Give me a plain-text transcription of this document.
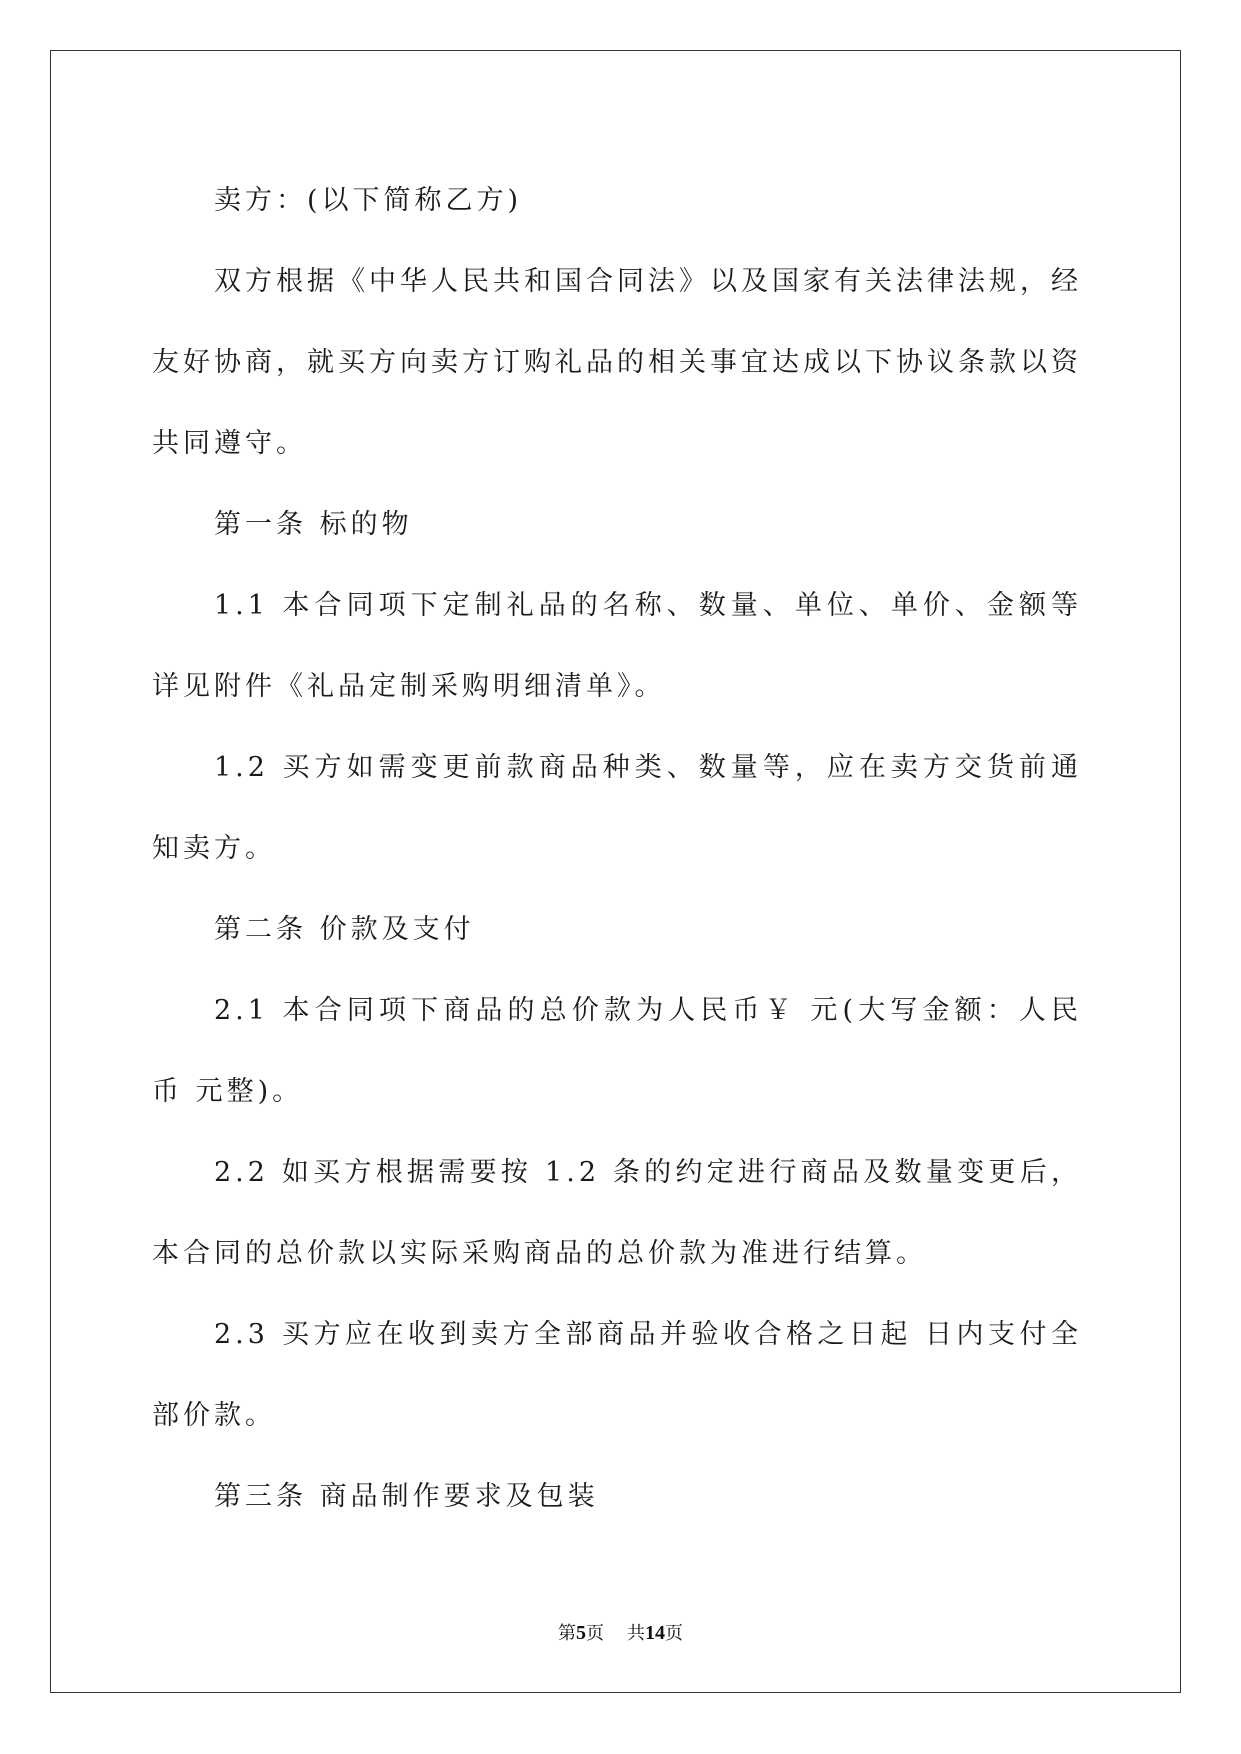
卖方：(以下简称乙方)

双方根据《中华人民共和国合同法》以及国家有关法律法规，经友好协商，就买方向卖方订购礼品的相关事宜达成以下协议条款以资共同遵守。

第一条 标的物

1.1 本合同项下定制礼品的名称、数量、单位、单价、金额等详见附件《礼品定制采购明细清单》。

1.2 买方如需变更前款商品种类、数量等，应在卖方交货前通知卖方。

第二条 价款及支付

2.1 本合同项下商品的总价款为人民币￥ 元(大写金额：人民币 元整)。

2.2 如买方根据需要按 1.2 条的约定进行商品及数量变更后，本合同的总价款以实际采购商品的总价款为准进行结算。

2.3 买方应在收到卖方全部商品并验收合格之日起 日内支付全部价款。

第三条 商品制作要求及包装

第5页 共14页
